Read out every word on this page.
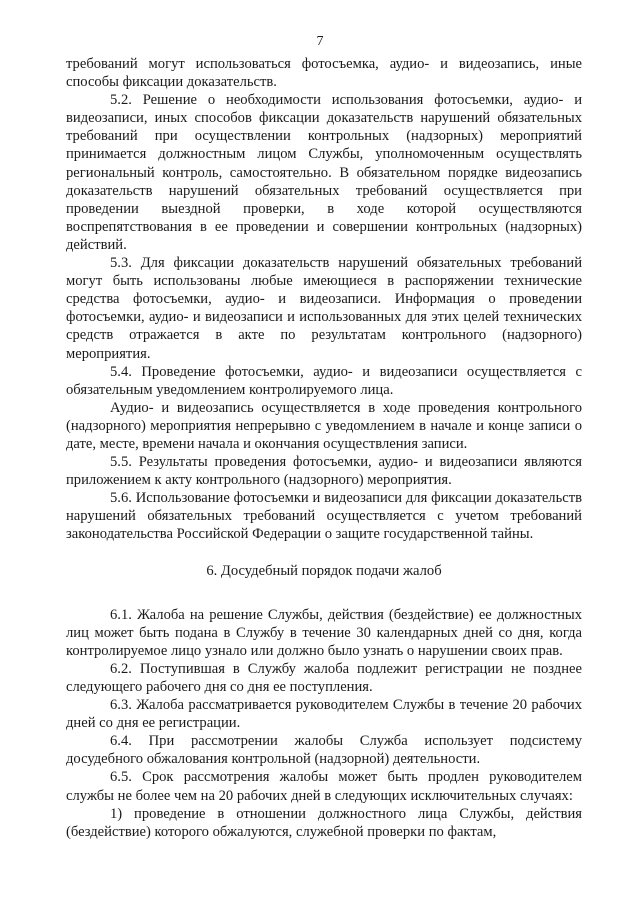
7

требований могут использоваться фотосъемка, аудио- и видеозапись, иные способы фиксации доказательств.

5.2. Решение о необходимости использования фотосъемки, аудио- и видеозаписи, иных способов фиксации доказательств нарушений обязательных требований при осуществлении контрольных (надзорных) мероприятий принимается должностным лицом Службы, уполномоченным осуществлять региональный контроль, самостоятельно. В обязательном порядке видеозапись доказательств нарушений обязательных требований осуществляется при проведении выездной проверки, в ходе которой осуществляются воспрепятствования в ее проведении и совершении контрольных (надзорных) действий.

5.3. Для фиксации доказательств нарушений обязательных требований могут быть использованы любые имеющиеся в распоряжении технические средства фотосъемки, аудио- и видеозаписи. Информация о проведении фотосъемки, аудио- и видеозаписи и использованных для этих целей технических средств отражается в акте по результатам контрольного (надзорного) мероприятия.

5.4. Проведение фотосъемки, аудио- и видеозаписи осуществляется с обязательным уведомлением контролируемого лица.

Аудио- и видеозапись осуществляется в ходе проведения контрольного (надзорного) мероприятия непрерывно с уведомлением в начале и конце записи о дате, месте, времени начала и окончания осуществления записи.

5.5. Результаты проведения фотосъемки, аудио- и видеозаписи являются приложением к акту контрольного (надзорного) мероприятия.

5.6. Использование фотосъемки и видеозаписи для фиксации доказательств нарушений обязательных требований осуществляется с учетом требований законодательства Российской Федерации о защите государственной тайны.

6. Досудебный порядок подачи жалоб

6.1. Жалоба на решение Службы, действия (бездействие) ее должностных лиц может быть подана в Службу в течение 30 календарных дней со дня, когда контролируемое лицо узнало или должно было узнать о нарушении своих прав.

6.2. Поступившая в Службу жалоба подлежит регистрации не позднее следующего рабочего дня со дня ее поступления.

6.3. Жалоба рассматривается руководителем Службы в течение 20 рабочих дней со дня ее регистрации.

6.4. При рассмотрении жалобы Служба использует подсистему досудебного обжалования контрольной (надзорной) деятельности.

6.5. Срок рассмотрения жалобы может быть продлен руководителем службы не более чем на 20 рабочих дней в следующих исключительных случаях:

1) проведение в отношении должностного лица Службы, действия (бездействие) которого обжалуются, служебной проверки по фактам,
